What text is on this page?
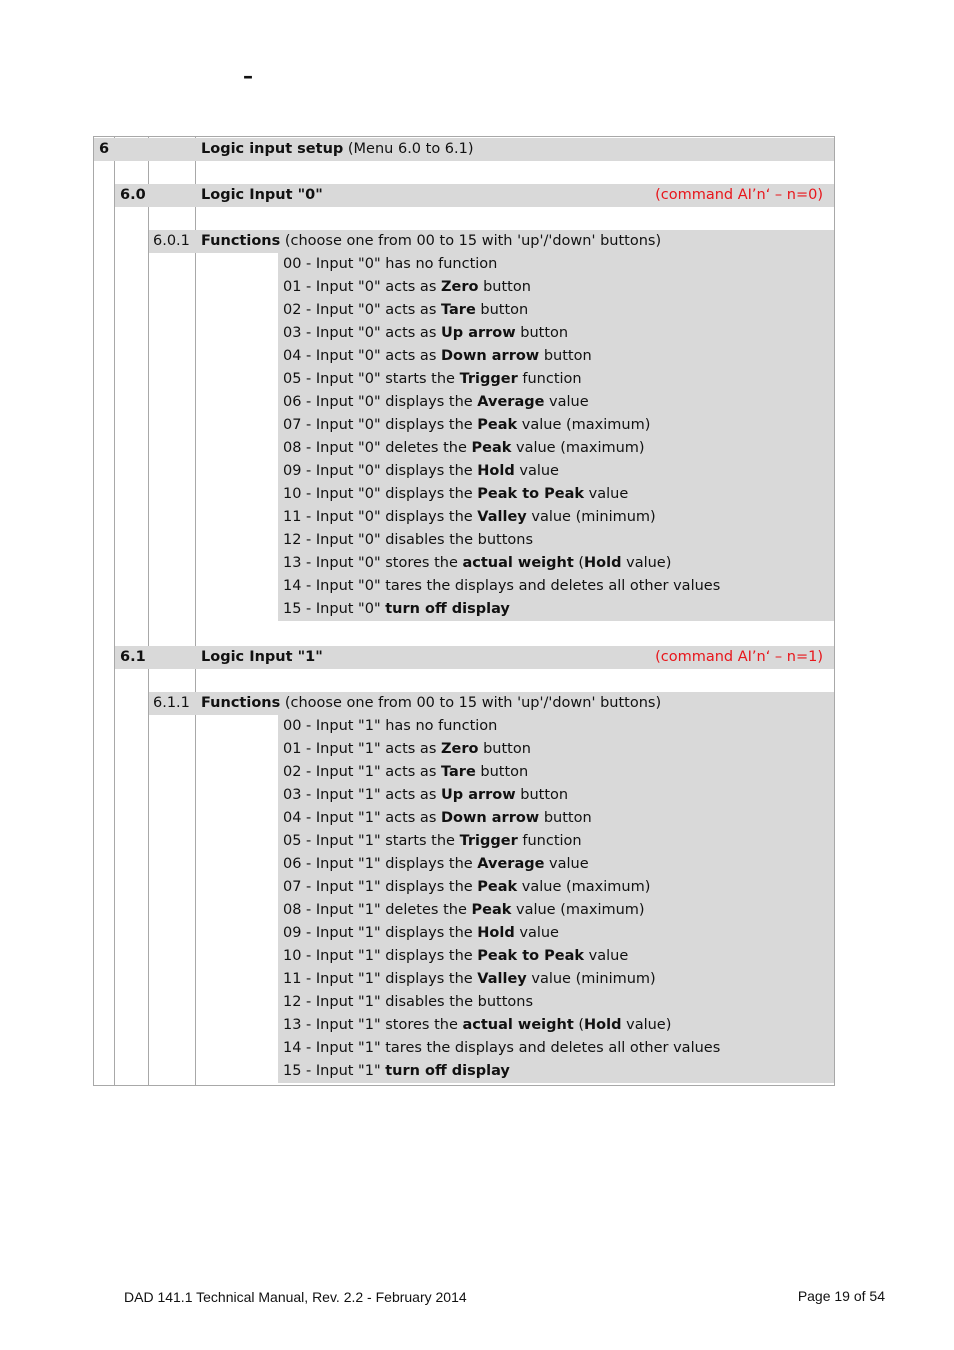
–
6	Logic input setup (Menu 6.0 to 6.1)
6.0	Logic Input "0"	(command AI’n‘ – n=0)
6.0.1 Functions (choose one from 00 to 15 with 'up'/'down' buttons)
00 - Input "0" has no function
01 - Input "0" acts as Zero button
02 - Input "0" acts as Tare button
03 - Input "0" acts as Up arrow button
04 - Input "0" acts as Down arrow button
05 - Input "0" starts the Trigger function
06 - Input "0" displays the Average value
07 - Input "0" displays the Peak value (maximum)
08 - Input "0" deletes the Peak value (maximum)
09 - Input "0" displays the Hold value
10 - Input "0" displays the Peak to Peak value
11 - Input "0" displays the Valley value (minimum)
12 - Input "0" disables the buttons
13 - Input "0" stores the actual weight (Hold value)
14 - Input "0" tares the displays and deletes all other values
15 - Input "0" turn off display
6.1	Logic Input "1"	(command AI’n‘ – n=1)
6.1.1 Functions (choose one from 00 to 15 with 'up'/'down' buttons)
00 - Input "1" has no function
01 - Input "1" acts as Zero button
02 - Input "1" acts as Tare button
03 - Input "1" acts as Up arrow button
04 - Input "1" acts as Down arrow button
05 - Input "1" starts the Trigger function
06 - Input "1" displays the Average value
07 - Input "1" displays the Peak value (maximum)
08 - Input "1" deletes the Peak value (maximum)
09 - Input "1" displays the Hold value
10 - Input "1" displays the Peak to Peak value
11 - Input "1" displays the Valley value (minimum)
12 - Input "1" disables the buttons
13 - Input "1" stores the actual weight (Hold value)
14 - Input "1" tares the displays and deletes all other values
15 - Input "1" turn off display
DAD 141.1 Technical Manual, Rev. 2.2 - February 2014	Page 19 of 54
